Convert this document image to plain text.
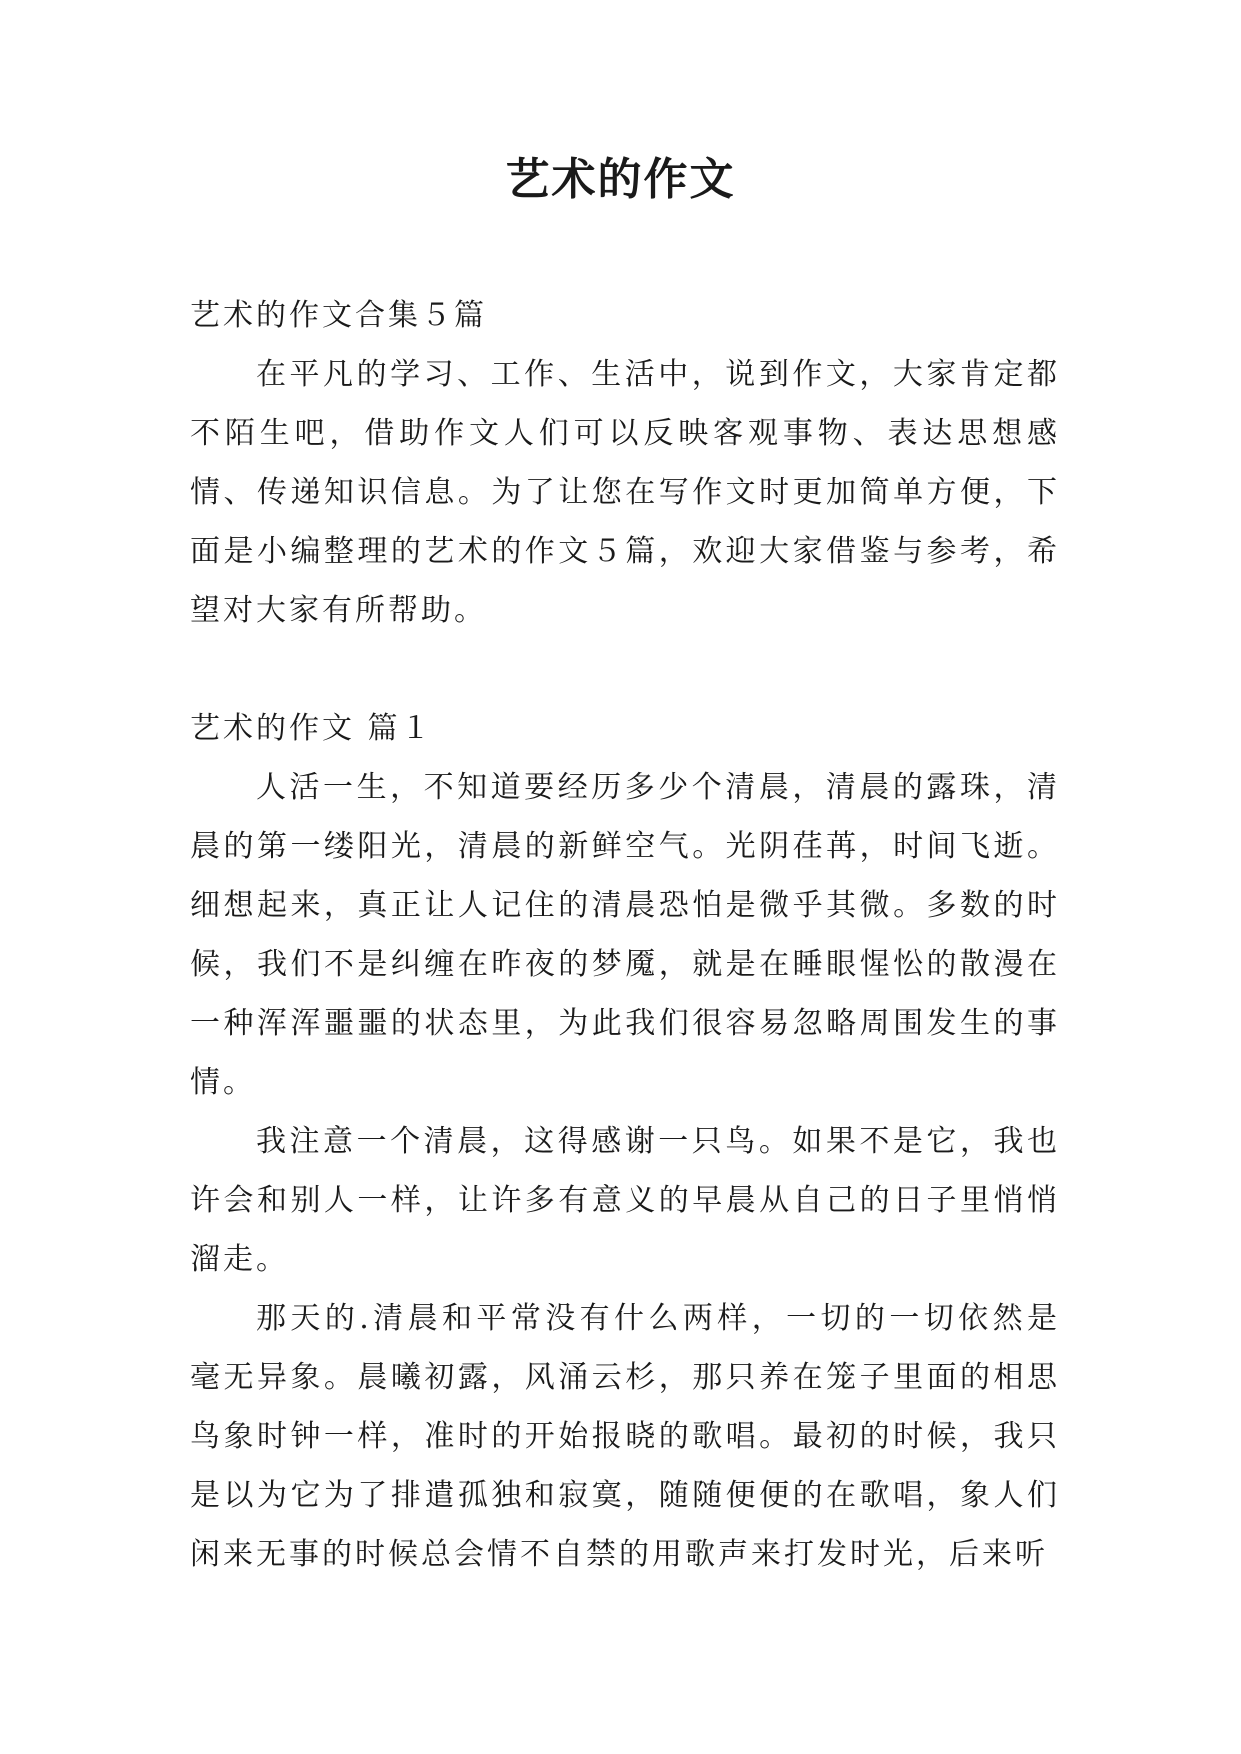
艺术的作文

艺术的作文合集５篇

在平凡的学习、工作、生活中，说到作文，大家肯定都不陌生吧，借助作文人们可以反映客观事物、表达思想感情、传递知识信息。为了让您在写作文时更加简单方便，下面是小编整理的艺术的作文５篇，欢迎大家借鉴与参考，希望对大家有所帮助。

艺术的作文 篇１

人活一生，不知道要经历多少个清晨，清晨的露珠，清晨的第一缕阳光，清晨的新鲜空气。光阴荏苒，时间飞逝。细想起来，真正让人记住的清晨恐怕是微乎其微。多数的时候，我们不是纠缠在昨夜的梦魇，就是在睡眼惺忪的散漫在一种浑浑噩噩的状态里，为此我们很容易忽略周围发生的事情。

我注意一个清晨，这得感谢一只鸟。如果不是它，我也许会和别人一样，让许多有意义的早晨从自己的日子里悄悄溜走。

那天的.清晨和平常没有什么两样，一切的一切依然是毫无异象。晨曦初露，风涌云杉，那只养在笼子里面的相思鸟象时钟一样，准时的开始报晓的歌唱。最初的时候，我只是以为它为了排遣孤独和寂寞，随随便便的在歌唱，象人们闲来无事的时候总会情不自禁的用歌声来打发时光，后来听
